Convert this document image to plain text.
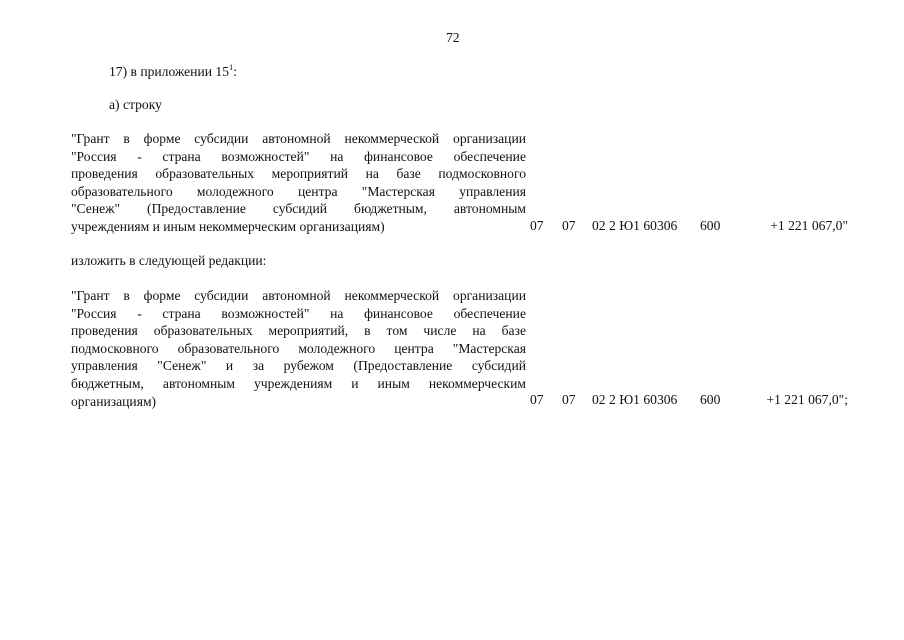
72
17) в приложении $15^1$:
а) строку
"Грант в форме субсидии автономной некоммерческой организации
"Россия - страна возможностей" на финансовое обеспечение
проведения образовательных мероприятий на базе подмосковного
образовательного молодежного центра "Мастерская управления
"Сенеж" (Предоставление субсидий бюджетным, автономным
учреждениям и иным некоммерческим организациям)	07 07 02 2 Ю1 60306 600	+1 221 067,0"
изложить в следующей редакции:
"Грант в форме субсидии автономной некоммерческой организации
"Россия - страна возможностей" на финансовое обеспечение
проведения образовательных мероприятий, в том числе на базе
подмосковного образовательного молодежного центра "Мастерская
управления "Сенеж" и за рубежом (Предоставление субсидий
бюджетным, автономным учреждениям и иным некоммерческим
организациям)	07 07 02 2 Ю1 60306 600	+1 221 067,0";
